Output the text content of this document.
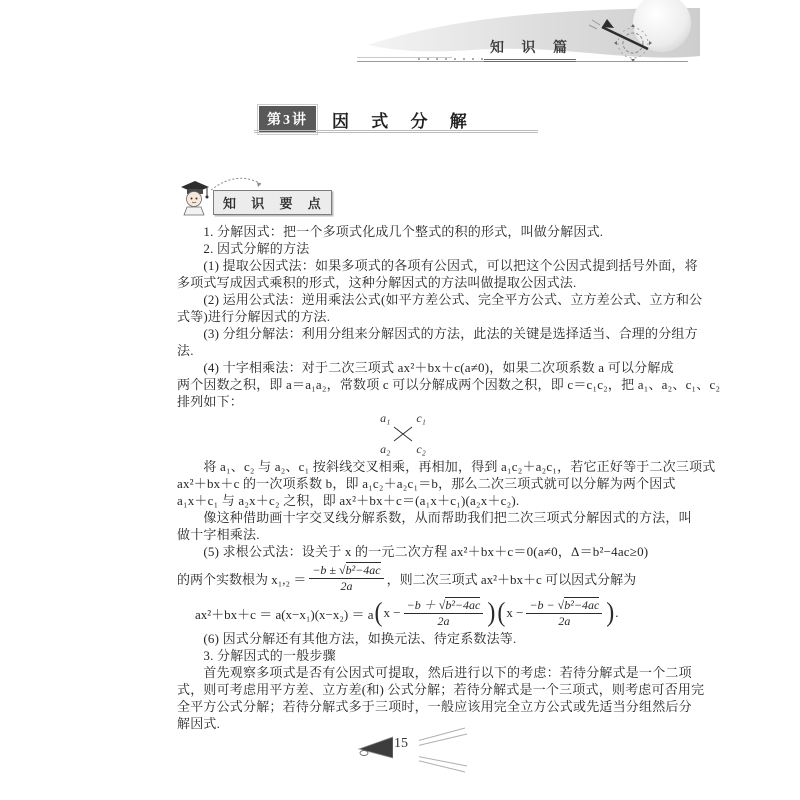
知 识 篇
第3讲	因 式 分 解
知 识 要 点
　　1. 分解因式：把一个多项式化成几个整式的积的形式，叫做分解因式.
　　2. 因式分解的方法
　　(1) 提取公因式法：如果多项式的各项有公因式，可以把这个公因式提到括号外面，将
多项式写成因式乘积的形式，这种分解因式的方法叫做提取公因式法.
　　(2) 运用公式法：逆用乘法公式(如平方差公式、完全平方公式、立方差公式、立方和公
式等)进行分解因式的方法.
　　(3) 分组分解法：利用分组来分解因式的方法，此法的关键是选择适当、合理的分组方
法.
　　(4) 十字相乘法：对于二次三项式 ax²＋bx＋c(a≠0)，如果二次项系数 a 可以分解成
两个因数之积，即 a＝a₁a₂，常数项 c 可以分解成两个因数之积，即 c＝c₁c₂，把 a₁、a₂、c₁、c₂
排列如下：
a₁ c₁
a₂ c₂
　　将 a₁、c₂ 与 a₂、c₁ 按斜线交叉相乘，再相加，得到 a₁c₂＋a₂c₁，若它正好等于二次三项式
ax²＋bx＋c 的一次项系数 b，即 a₁c₂＋a₂c₁＝b，那么二次三项式就可以分解为两个因式
a₁x＋c₁ 与 a₂x＋c₂ 之积，即 ax²＋bx＋c＝(a₁x＋c₁)(a₂x＋c₂).
　　像这种借助画十字交叉线分解系数，从而帮助我们把二次三项式分解因式的方法，叫
做十字相乘法.
　　(5) 求根公式法：设关于 x 的一元二次方程 ax²＋bx＋c＝0(a≠0，Δ＝b²−4ac≥0)
的两个实数根为 $x_1,_2 = \frac{\text{−b ± √b²−4ac}}{2a}$ ，则二次三项式 ax²＋bx＋c 可以因式分解为
ax²＋bx＋c ＝ a(x−x₁)(x−x₂) ＝ a ( $x - \frac{\text{−b ＋ √b²−4ac}}{2a}$ ) ( $x - \frac{\text{−b − √b²−4ac}}{2a}$ ) .
　　(6) 因式分解还有其他方法，如换元法、待定系数法等.
　　3. 分解因式的一般步骤
　　首先观察多项式是否有公因式可提取，然后进行以下的考虑：若待分解式是一个二项
式，则可考虑用平方差、立方差(和) 公式分解；若待分解式是一个三项式，则考虑可否用完
全平方公式分解；若待分解式多于三项时，一般应该用完全立方公式或先适当分组然后分
解因式.
15
